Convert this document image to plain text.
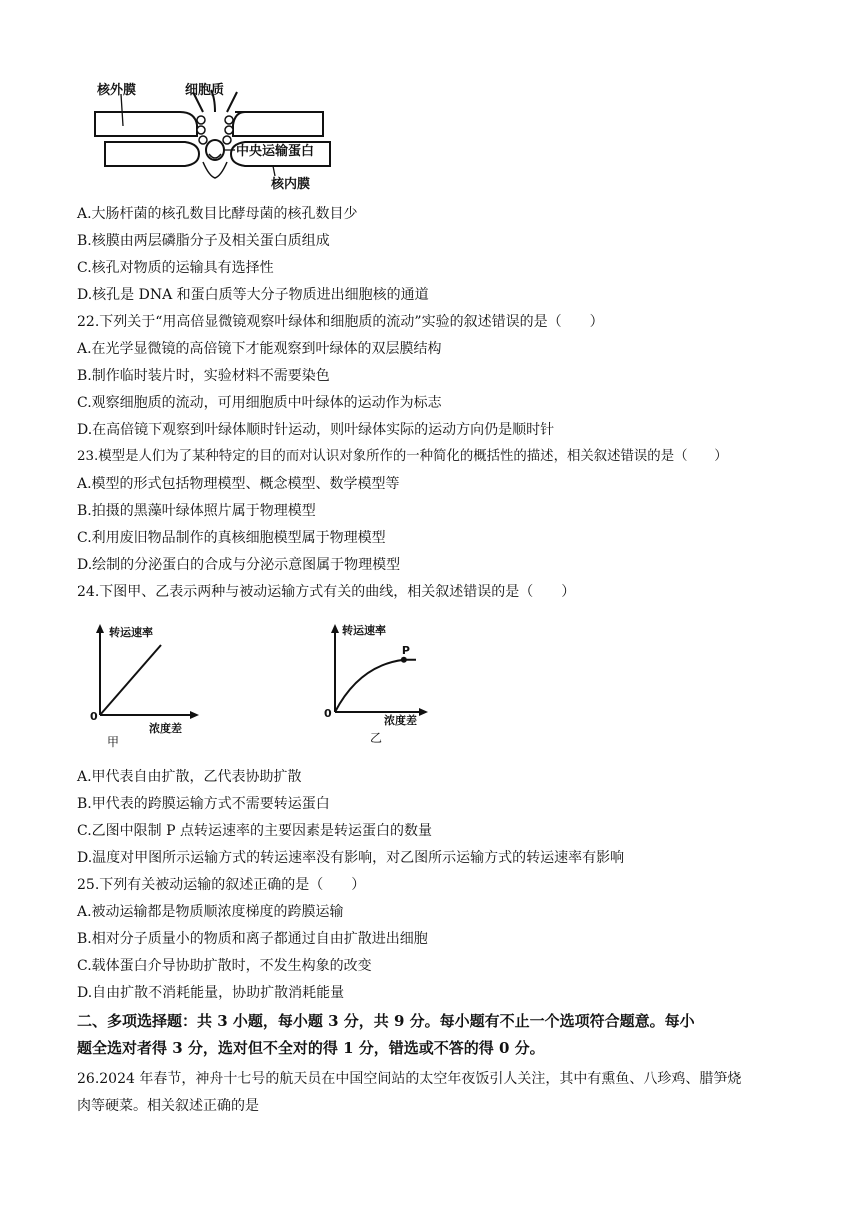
核外膜	细胞质
中央运输蛋白
核内膜
A.大肠杆菌的核孔数目比酵母菌的核孔数目少
B.核膜由两层磷脂分子及相关蛋白质组成
C.核孔对物质的运输具有选择性
D.核孔是 DNA 和蛋白质等大分子物质进出细胞核的通道
22.下列关于“用高倍显微镜观察叶绿体和细胞质的流动”实验的叙述错误的是（　　）
A.在光学显微镜的高倍镜下才能观察到叶绿体的双层膜结构
B.制作临时装片时，实验材料不需要染色
C.观察细胞质的流动，可用细胞质中叶绿体的运动作为标志
D.在高倍镜下观察到叶绿体顺时针运动，则叶绿体实际的运动方向仍是顺时针
23.模型是人们为了某种特定的目的而对认识对象所作的一种简化的概括性的描述，相关叙述错误的是（　　）
A.模型的形式包括物理模型、概念模型、数学模型等
B.拍摄的黑藻叶绿体照片属于物理模型
C.利用废旧物品制作的真核细胞模型属于物理模型
D.绘制的分泌蛋白的合成与分泌示意图属于物理模型
24.下图甲、乙表示两种与被动运输方式有关的曲线，相关叙述错误的是（　　）
转运速率
浓度差
0
甲
P
转运速率
浓度差
0
乙
A.甲代表自由扩散，乙代表协助扩散
B.甲代表的跨膜运输方式不需要转运蛋白
C.乙图中限制 P 点转运速率的主要因素是转运蛋白的数量
D.温度对甲图所示运输方式的转运速率没有影响，对乙图所示运输方式的转运速率有影响
25.下列有关被动运输的叙述正确的是（　　）
A.被动运输都是物质顺浓度梯度的跨膜运输
B.相对分子质量小的物质和离子都通过自由扩散进出细胞
C.载体蛋白介导协助扩散时，不发生构象的改变
D.自由扩散不消耗能量，协助扩散消耗能量
二、多项选择题：共 3 小题，每小题 3 分，共 9 分。每小题有不止一个选项符合题意。每小
题全选对者得 3 分，选对但不全对的得 1 分，错选或不答的得 0 分。
26.2024 年春节，神舟十七号的航天员在中国空间站的太空年夜饭引人关注，其中有熏鱼、八珍鸡、腊笋烧
肉等硬菜。相关叙述正确的是
